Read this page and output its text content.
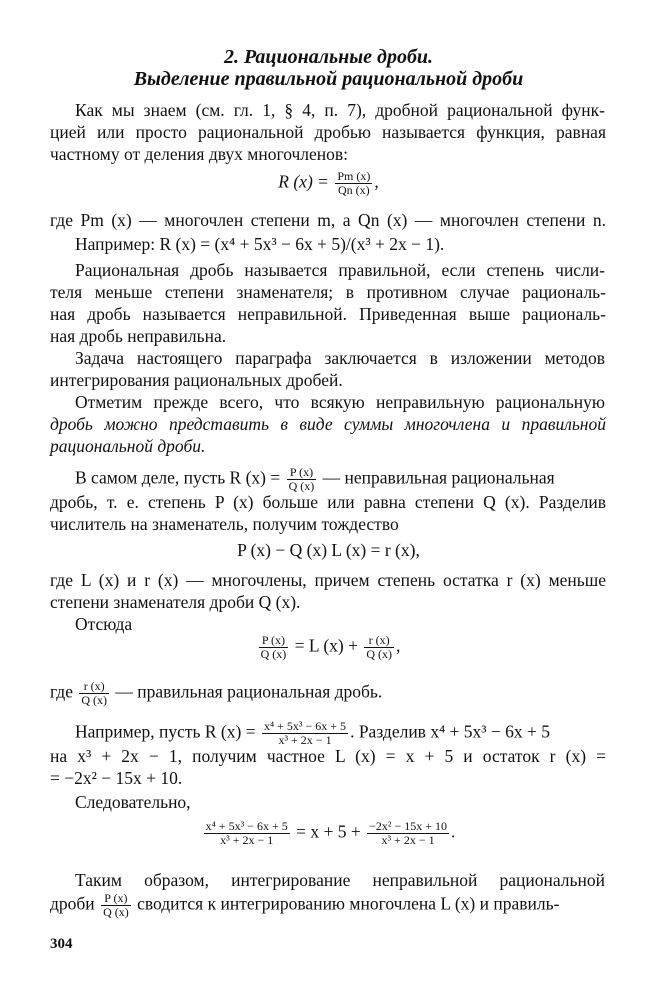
2. Рациональные дроби.
Выделение правильной рациональной дроби
Как мы знаем (см. гл. 1, § 4, п. 7), дробной рациональной функ-
цией или просто рациональной дробью называется функция, равная
частному от деления двух многочленов:
R $(x) = \frac{Pm (x)}{Qn (x)}$ ,
где Pm (x) — многочлен степени m, а Qn (x) — многочлен степени n.
Например: R (x) = (x⁴ + 5x³ − 6x + 5)/(x³ + 2x − 1).
Рациональная дробь называется правильной, если степень числи-
теля меньше степени знаменателя; в противном случае рациональ-
ная дробь называется неправильной. Приведенная выше рациональ-
ная дробь неправильна.
Задача настоящего параграфа заключается в изложении методов
интегрирования рациональных дробей.
Отметим прежде всего, что всякую неправильную рациональную
дробь можно представить в виде суммы многочлена и правильной
рациональной дроби.
В самом деле, пусть R $(x) = \frac{P (x)}{Q (x)}$ — неправильная рациональная
дробь, т. е. степень P (x) больше или равна степени Q (x). Разделив
числитель на знаменатель, получим тождество
P (x) − Q (x) L (x) = r (x),
где L (x) и r (x) — многочлены, причем степень остатка r (x) меньше
степени знаменателя дроби Q (x).
Отсюда
$\frac{P (x)}{Q (x)} = L$ $(x) + \frac{r (x)}{Q (x)}$ ,
где $\frac{r (x)}{Q (x)}$ — правильная рациональная дробь.
Например, пусть R $(x) = \frac{\text{x⁴ + 5x³ − 6x + 5}}{\text{x³ + 2x − 1}}$ . Разделив x⁴ + 5x³ − 6x + 5
на x³ + 2x − 1, получим частное L (x) = x + 5 и остаток r (x) =
= −2x² − 15x + 10.
Следовательно,
$\frac{\text{x⁴ + 5x³ − 6x + 5}}{\text{x³ + 2x − 1}} = x + 5 + \frac{\text{−2x² − 15x + 10}}{\text{x³ + 2x − 1}}$ .
Таким образом, интегрирование неправильной рациональной
дроби $\frac{P (x)}{Q (x)}$ сводится к интегрированию многочлена L (x) и правиль-
304
